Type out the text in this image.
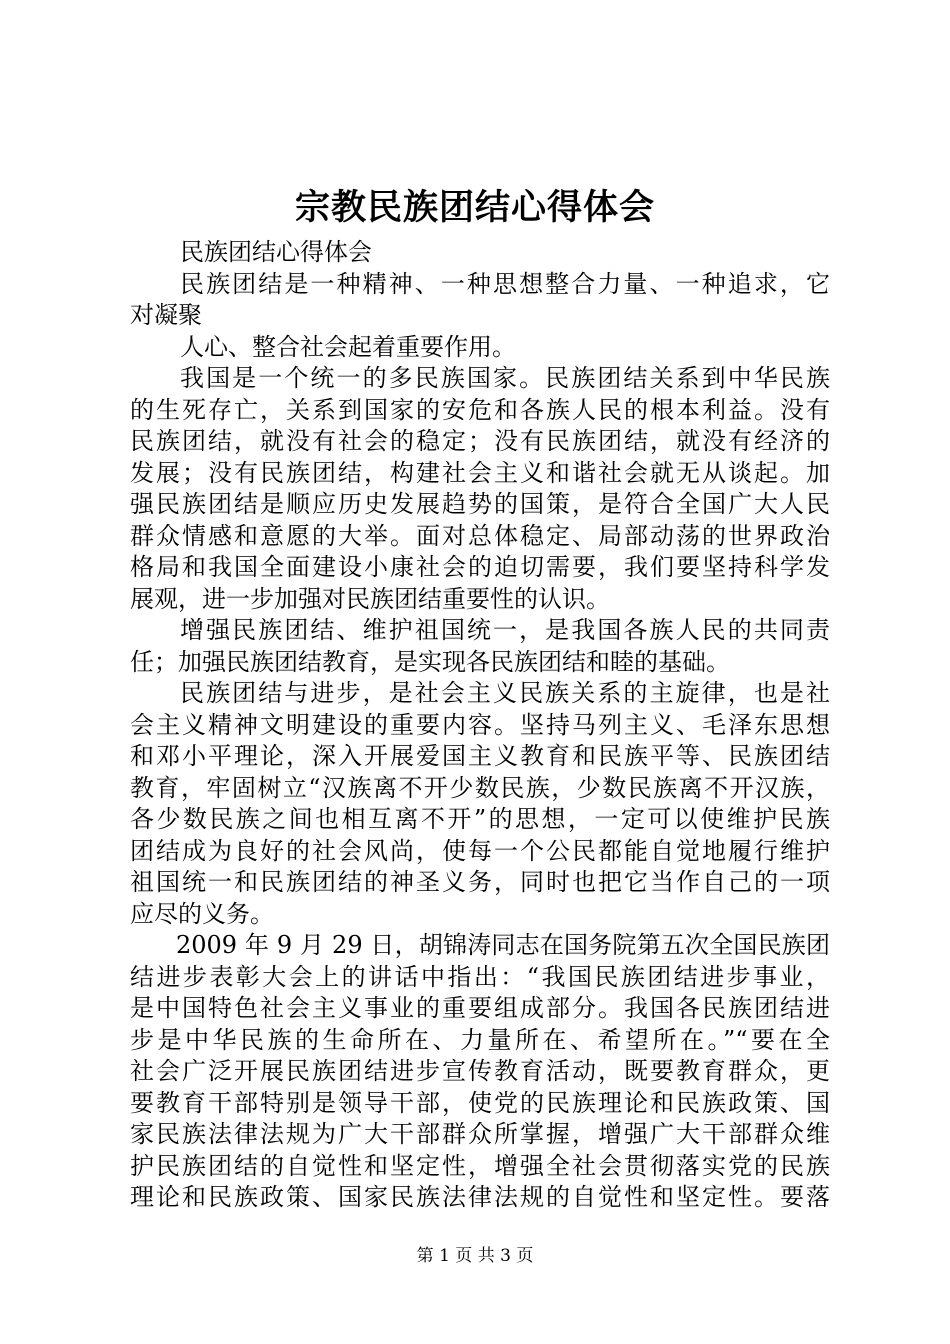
宗教民族团结心得体会
民族团结心得体会
民族团结是一种精神、一种思想整合力量、一种追求，它
对凝聚
人心、整合社会起着重要作用。
我国是一个统一的多民族国家。民族团结关系到中华民族
的生死存亡，关系到国家的安危和各族人民的根本利益。没有
民族团结，就没有社会的稳定；没有民族团结，就没有经济的
发展；没有民族团结，构建社会主义和谐社会就无从谈起。加
强民族团结是顺应历史发展趋势的国策，是符合全国广大人民
群众情感和意愿的大举。面对总体稳定、局部动荡的世界政治
格局和我国全面建设小康社会的迫切需要，我们要坚持科学发
展观，进一步加强对民族团结重要性的认识。
增强民族团结、维护祖国统一，是我国各族人民的共同责
任；加强民族团结教育，是实现各民族团结和睦的基础。
民族团结与进步，是社会主义民族关系的主旋律，也是社
会主义精神文明建设的重要内容。坚持马列主义、毛泽东思想
和邓小平理论，深入开展爱国主义教育和民族平等、民族团结
教育，牢固树立“汉族离不开少数民族，少数民族离不开汉族，
各少数民族之间也相互离不开”的思想，一定可以使维护民族
团结成为良好的社会风尚，使每一个公民都能自觉地履行维护
祖国统一和民族团结的神圣义务，同时也把它当作自己的一项
应尽的义务。
2009 年 9 月 29 日，胡锦涛同志在国务院第五次全国民族团
结进步表彰大会上的讲话中指出：“我国民族团结进步事业，
是中国特色社会主义事业的重要组成部分。我国各民族团结进
步是中华民族的生命所在、力量所在、希望所在。”“要在全
社会广泛开展民族团结进步宣传教育活动，既要教育群众，更
要教育干部特别是领导干部，使党的民族理论和民族政策、国
家民族法律法规为广大干部群众所掌握，增强广大干部群众维
护民族团结的自觉性和坚定性，增强全社会贯彻落实党的民族
理论和民族政策、国家民族法律法规的自觉性和坚定性。要落
第 1 页 共 3 页
